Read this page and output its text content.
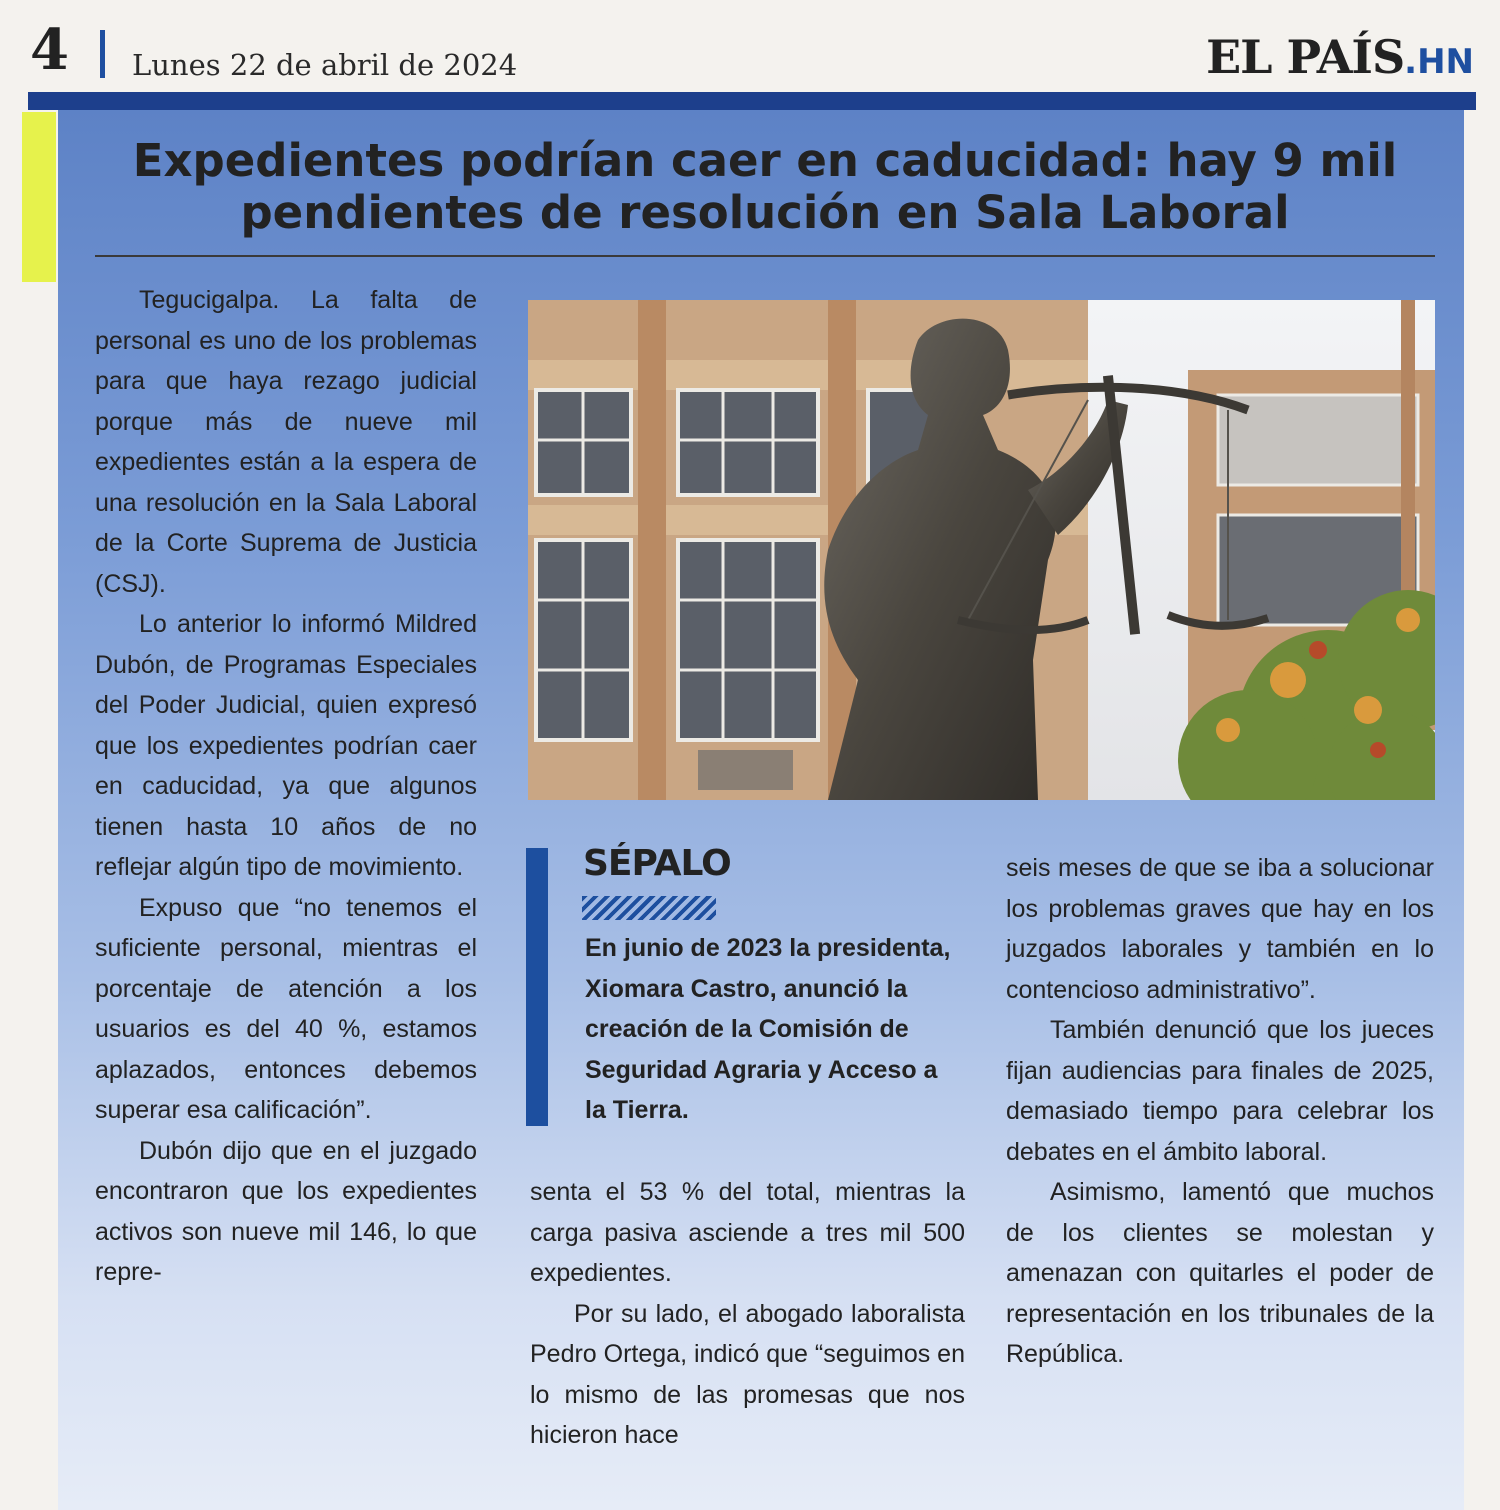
4 Lunes 22 de abril de 2024	EL PAÍS.HN
Expedientes podrían caer en caducidad: hay 9 mil pendientes de resolución en Sala Laboral

Tegucigalpa. La falta de personal es uno de los problemas para que haya rezago judicial porque más de nueve mil expedientes están a la espera de una resolución en la Sala Laboral de la Corte Suprema de Justicia (CSJ).

Lo anterior lo informó Mildred Dubón, de Programas Especiales del Poder Judicial, quien expresó que los expedientes podrían caer en caducidad, ya que algunos tienen hasta 10 años de no reflejar algún tipo de movimiento.

Expuso que “no tenemos el suficiente personal, mientras el porcentaje de atención a los usuarios es del 40 %, estamos aplazados, entonces debemos superar esa calificación”.

Dubón dijo que en el juzgado encontraron que los expedientes activos son nueve mil 146, lo que repre-

SÉPALO

En junio de 2023 la presidenta, Xiomara Castro, anunció la creación de la Comisión de Seguridad Agraria y Acceso a la Tierra.

senta el 53 % del total, mientras la carga pasiva asciende a tres mil 500 expedientes.

Por su lado, el abogado laboralista Pedro Ortega, indicó que “seguimos en lo mismo de las promesas que nos hicieron hace

seis meses de que se iba a solucionar los problemas graves que hay en los juzgados laborales y también en lo contencioso administrativo”.

También denunció que los jueces fijan audiencias para finales de 2025, demasiado tiempo para celebrar los debates en el ámbito laboral.

Asimismo, lamentó que muchos de los clientes se molestan y amenazan con quitarles el poder de representación en los tribunales de la República.
